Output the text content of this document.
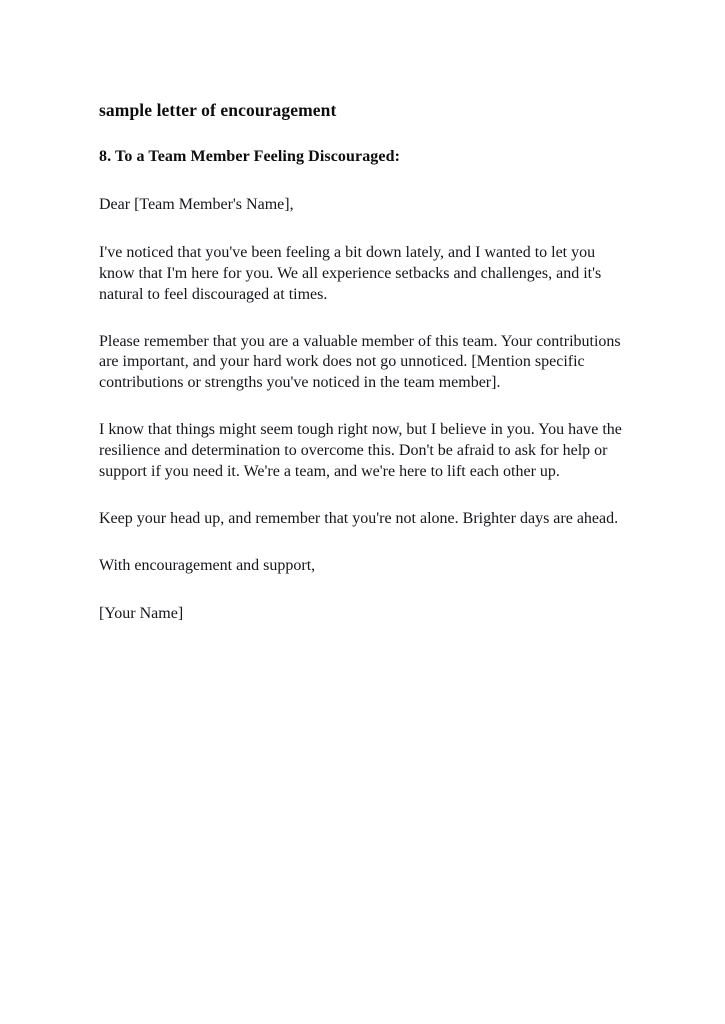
sample letter of encouragement
8. To a Team Member Feeling Discouraged:

Dear [Team Member's Name],

I've noticed that you've been feeling a bit down lately, and I wanted to let you know that I'm here for you. We all experience setbacks and challenges, and it's natural to feel discouraged at times.

Please remember that you are a valuable member of this team. Your contributions are important, and your hard work does not go unnoticed. [Mention specific contributions or strengths you've noticed in the team member].

I know that things might seem tough right now, but I believe in you. You have the resilience and determination to overcome this. Don't be afraid to ask for help or support if you need it. We're a team, and we're here to lift each other up.

Keep your head up, and remember that you're not alone. Brighter days are ahead.

With encouragement and support,

[Your Name]
